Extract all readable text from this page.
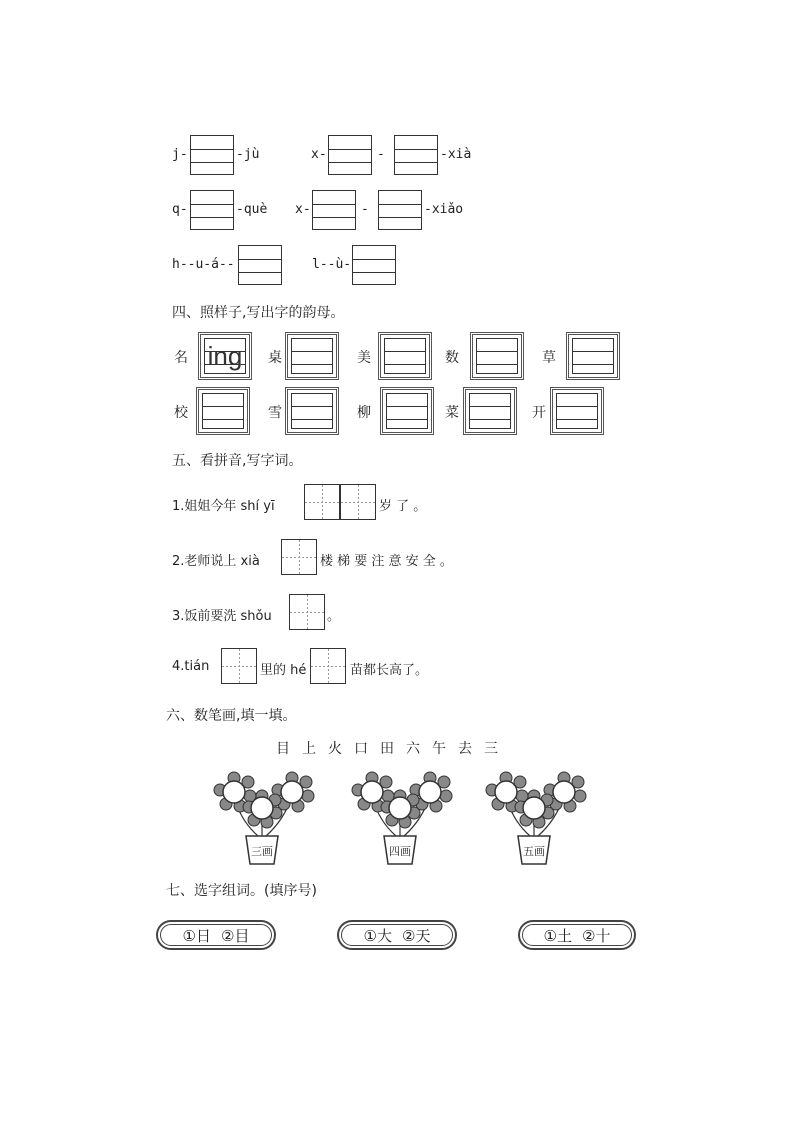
j-	-jù	x-	-	-xià
q-	-què x-	-	-xiǎo
h--u-á--	l--ù-
四、照样子,写出字的韵母。
名 ing 桌	美	数	草
校	雪	柳	菜	开
五、看拼音,写字词。
1.姐姐今年 shí yī	岁 了 。
2.老师说上 xià	楼 梯 要 注 意 安 全 。
3.饭前要洗 shǒu	。
4.tián	里的 hé	苗都长高了。
六、数笔画,填一填。
目 上 火 口 田 六 午 去 三
三画	四画	五画
七、选字组词。(填序号)
①日 ②目	①大 ②天	①土 ②十
